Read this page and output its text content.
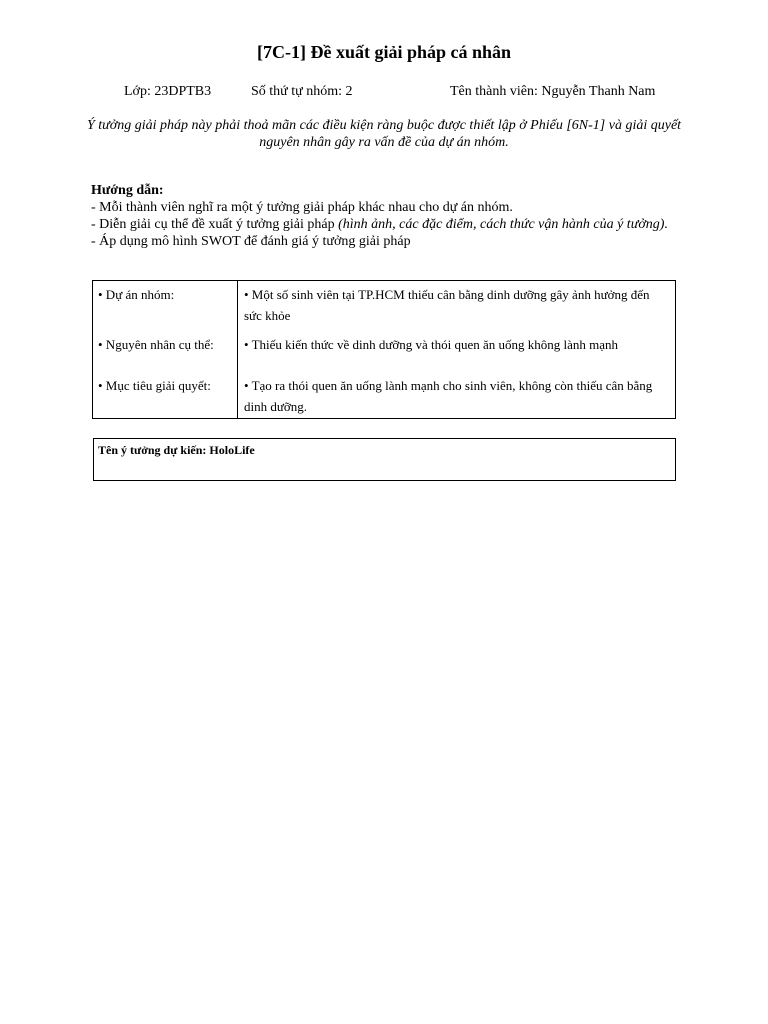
[7C-1] Đề xuất giải pháp cá nhân
Lớp: 23DPTB3	Số thứ tự nhóm: 2	Tên thành viên: Nguyễn Thanh Nam
Ý tưởng giải pháp này phải thoả mãn các điều kiện ràng buộc được thiết lập ở Phiếu [6N-1] và giải quyết nguyên nhân gây ra vấn đề của dự án nhóm.
Hướng dẫn:
- Mỗi thành viên nghĩ ra một ý tưởng giải pháp khác nhau cho dự án nhóm.
- Diễn giải cụ thể đề xuất ý tưởng giải pháp (hình ảnh, các đặc điểm, cách thức vận hành của ý tưởng).
- Áp dụng mô hình SWOT để đánh giá ý tưởng giải pháp
• Dự án nhóm:	• Một số sinh viên tại TP.HCM thiếu cân bằng dinh dưỡng gây ảnh hưởng đến sức khỏe
• Nguyên nhân cụ thể: • Thiếu kiến thức về dinh dưỡng và thói quen ăn uống không lành mạnh
• Mục tiêu giải quyết:	• Tạo ra thói quen ăn uống lành mạnh cho sinh viên, không còn thiếu cân bằng dinh dưỡng.
Tên ý tưởng dự kiến: HoloLife
